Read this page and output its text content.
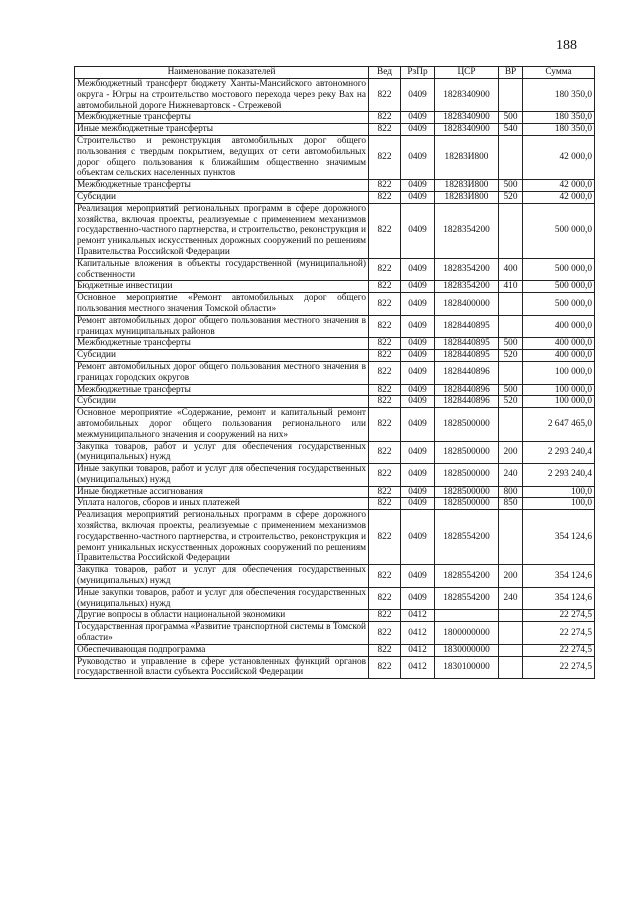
188
Наименование показателей	Вед	РзПр	ЦСР	ВР	Сумма
Межбюджетный трансферт бюджету Ханты-Мансийского автономного округа - Югры на строительство мостового перехода через реку Вах на автомобильной дороге Нижневартовск - Стрежевой	822	0409	1828340900		180 350,0
Межбюджетные трансферты	822	0409	1828340900	500	180 350,0
Иные межбюджетные трансферты	822	0409	1828340900	540	180 350,0
Строительство и реконструкция автомобильных дорог общего пользования с твердым покрытием, ведущих от сети автомобильных дорог общего пользования к ближайшим общественно значимым объектам сельских населенных пунктов	822	0409	18283И800		42 000,0
Межбюджетные трансферты	822	0409	18283И800	500	42 000,0
Субсидии	822	0409	18283И800	520	42 000,0
Реализация мероприятий региональных программ в сфере дорожного хозяйства, включая проекты, реализуемые с применением механизмов государственно-частного партнерства, и строительство, реконструкция и ремонт уникальных искусственных дорожных сооружений по решениям Правительства Российской Федерации	822	0409	1828354200		500 000,0
Капитальные вложения в объекты государственной (муниципальной) собственности	822	0409	1828354200	400	500 000,0
Бюджетные инвестиции	822	0409	1828354200	410	500 000,0
Основное мероприятие «Ремонт автомобильных дорог общего пользования местного значения Томской области»	822	0409	1828400000		500 000,0
Ремонт автомобильных дорог общего пользования местного значения в границах муниципальных районов	822	0409	1828440895		400 000,0
Межбюджетные трансферты	822	0409	1828440895	500	400 000,0
Субсидии	822	0409	1828440895	520	400 000,0
Ремонт автомобильных дорог общего пользования местного значения в границах городских округов	822	0409	1828440896		100 000,0
Межбюджетные трансферты	822	0409	1828440896	500	100 000,0
Субсидии	822	0409	1828440896	520	100 000,0
Основное мероприятие «Содержание, ремонт и капитальный ремонт автомобильных дорог общего пользования регионального или межмуниципального значения и сооружений на них»	822	0409	1828500000		2 647 465,0
Закупка товаров, работ и услуг для обеспечения государственных (муниципальных) нужд	822	0409	1828500000	200	2 293 240,4
Иные закупки товаров, работ и услуг для обеспечения государственных (муниципальных) нужд	822	0409	1828500000	240	2 293 240,4
Иные бюджетные ассигнования	822	0409	1828500000	800	100,0
Уплата налогов, сборов и иных платежей	822	0409	1828500000	850	100,0
Реализация мероприятий региональных программ в сфере дорожного хозяйства, включая проекты, реализуемые с применением механизмов государственно-частного партнерства, и строительство, реконструкция и ремонт уникальных искусственных дорожных сооружений по решениям Правительства Российской Федерации	822	0409	1828554200		354 124,6
Закупка товаров, работ и услуг для обеспечения государственных (муниципальных) нужд	822	0409	1828554200	200	354 124,6
Иные закупки товаров, работ и услуг для обеспечения государственных (муниципальных) нужд	822	0409	1828554200	240	354 124,6
Другие вопросы в области национальной экономики	822	0412			22 274,5
Государственная программа «Развитие транспортной системы в Томской области»	822	0412	1800000000		22 274,5
Обеспечивающая подпрограмма	822	0412	1830000000		22 274,5
Руководство и управление в сфере установленных функций органов государственной власти субъекта Российской Федерации	822	0412	1830100000		22 274,5
